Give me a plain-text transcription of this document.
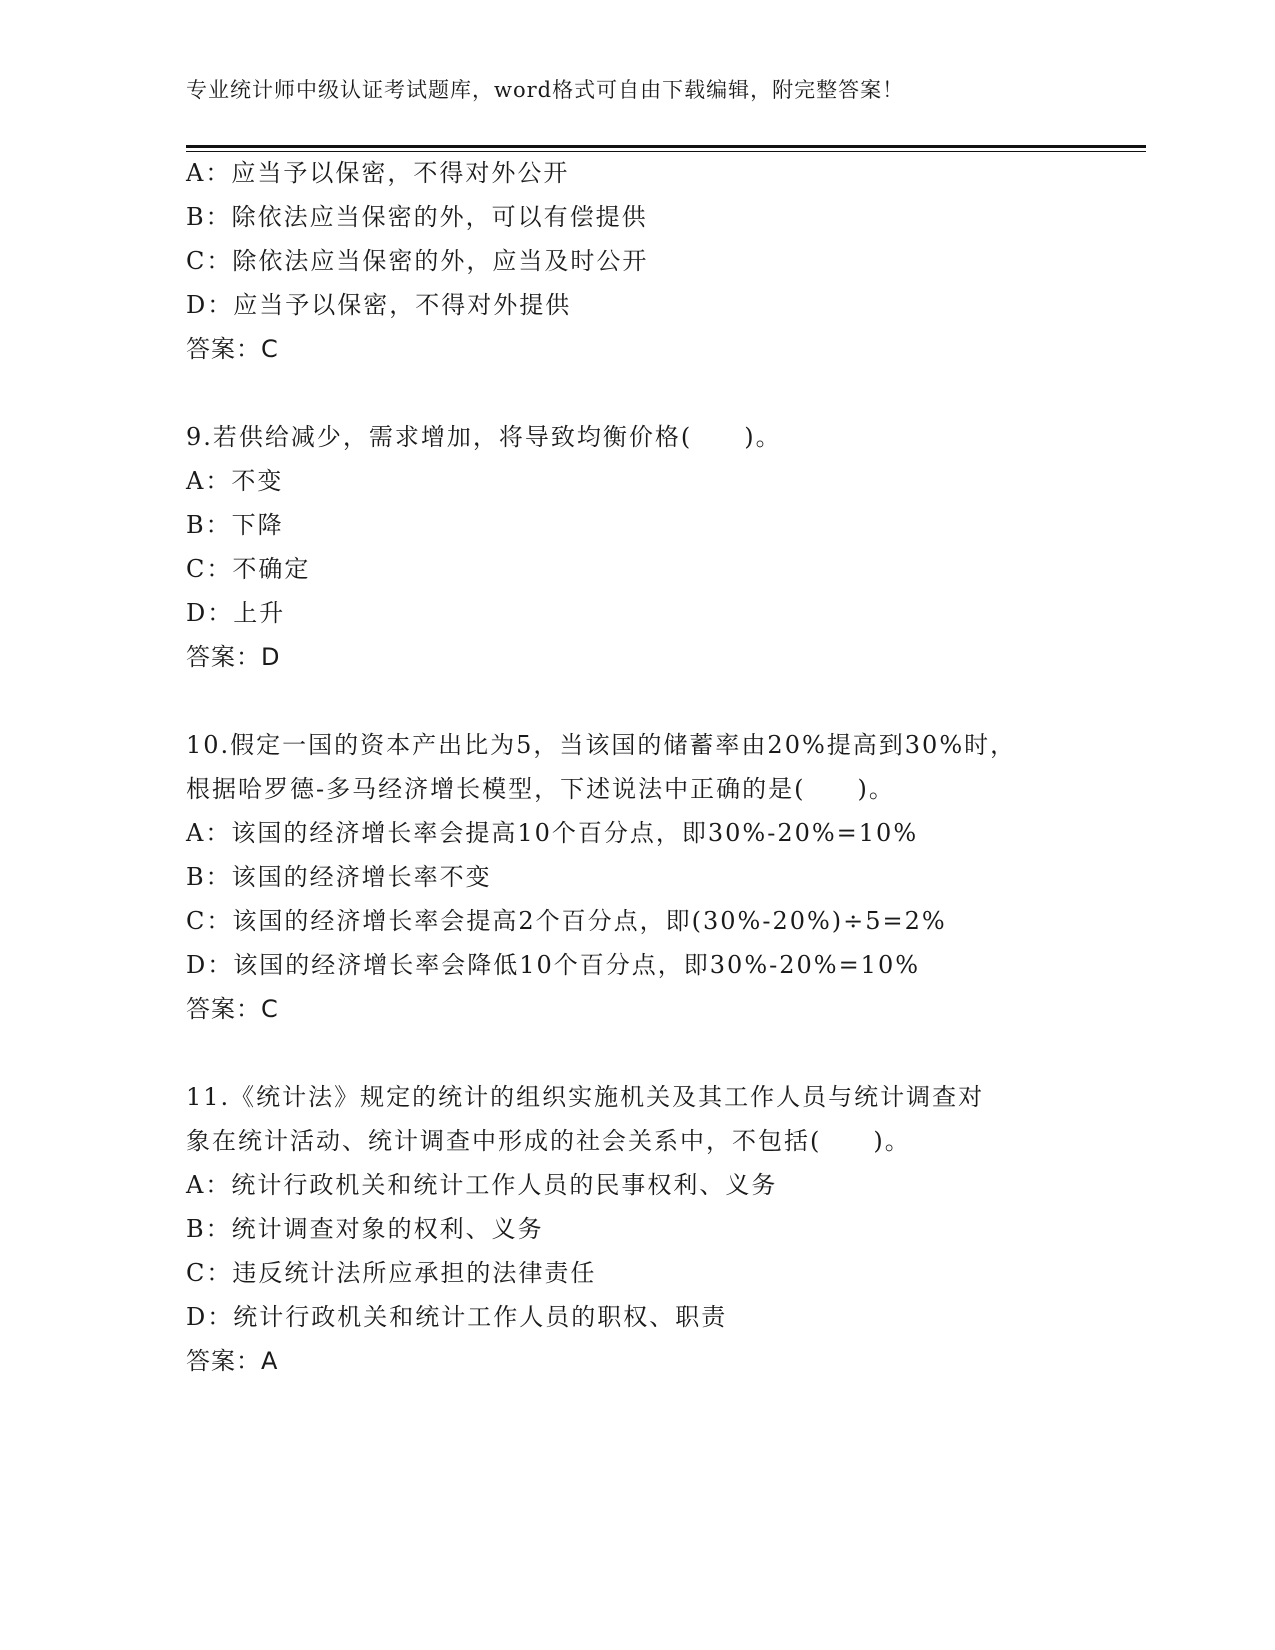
专业统计师中级认证考试题库，word格式可自由下载编辑，附完整答案！
A：应当予以保密，不得对外公开
B：除依法应当保密的外，可以有偿提供
C：除依法应当保密的外，应当及时公开
D：应当予以保密，不得对外提供
答案：C
9.若供给减少，需求增加，将导致均衡价格(　　)。
A：不变
B：下降
C：不确定
D：上升
答案：D
10.假定一国的资本产出比为5，当该国的储蓄率由20%提高到30%时，
根据哈罗德-多马经济增长模型，下述说法中正确的是(　　)。
A：该国的经济增长率会提高10个百分点，即30%-20%=10%
B：该国的经济增长率不变
C：该国的经济增长率会提高2个百分点，即(30%-20%)÷5=2%
D：该国的经济增长率会降低10个百分点，即30%-20%=10%
答案：C
11.《统计法》规定的统计的组织实施机关及其工作人员与统计调查对
象在统计活动、统计调查中形成的社会关系中，不包括(　　)。
A：统计行政机关和统计工作人员的民事权利、义务
B：统计调查对象的权利、义务
C：违反统计法所应承担的法律责任
D：统计行政机关和统计工作人员的职权、职责
答案：A
